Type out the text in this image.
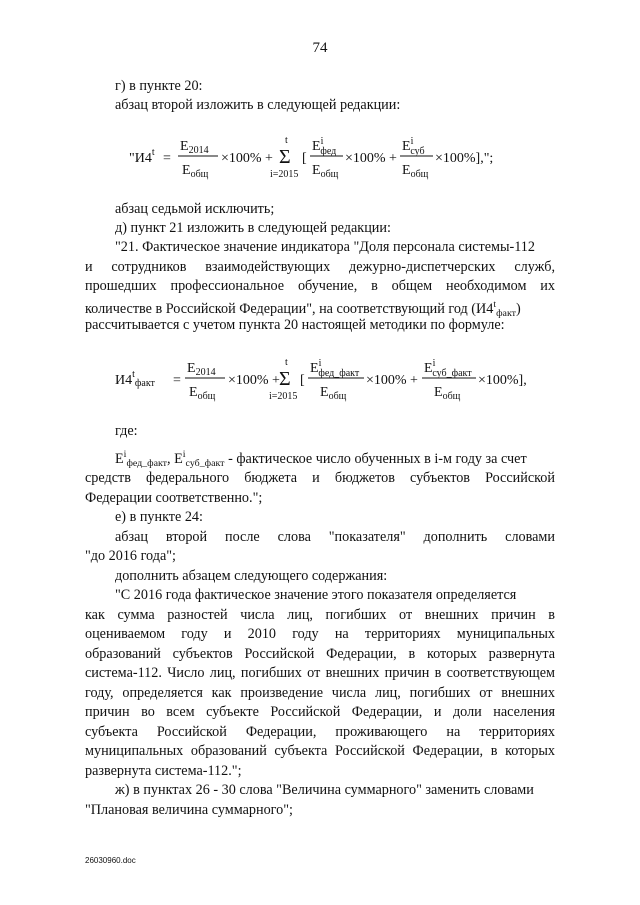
74
г) в пункте 20:
абзац второй изложить в следующей редакции:
"$И4^t$ =
$E_{2014}$
$E_{общ}$
×100% +
t
Σ
i=2015
[
$E^i$ фед
$E_{общ}$
×100% +
$E^i$ суб
$E_{общ}$
×100%],";
$И4^t_{факт}$ =
$E_{2014}$
$E_{общ}$
×100% +
t
Σ
i=2015
[
$E^i$ фед_факт
$E_{общ}$
×100% +
$E^i$ суб_факт
$E_{общ}$
×100%],
абзац седьмой исключить;
д) пункт 21 изложить в следующей редакции:
"21. Фактическое значение индикатора "Доля персонала системы-112
и сотрудников взаимодействующих дежурно-диспетчерских служб,
прошедших профессиональное обучение, в общем необходимом их
количестве в Российской Федерации", на соответствующий год $(И4^t_{факт})$
рассчитывается с учетом пункта 20 настоящей методики по формуле:
где:
$E^i_{фед\_факт}$, $E^i_{суб\_факт}$ - фактическое число обученных в i-м году за счет
средств федерального бюджета и бюджетов субъектов Российской
Федерации соответственно.";
е) в пункте 24:
абзац второй после слова "показателя" дополнить словами
"до 2016 года";
дополнить абзацем следующего содержания:
"С 2016 года фактическое значение этого показателя определяется
как сумма разностей числа лиц, погибших от внешних причин в
оцениваемом году и 2010 году на территориях муниципальных
образований субъектов Российской Федерации, в которых развернута
система-112. Число лиц, погибших от внешних причин в соответствующем
году, определяется как произведение числа лиц, погибших от внешних
причин во всем субъекте Российской Федерации, и доли населения
субъекта Российской Федерации, проживающего на территориях
муниципальных образований субъекта Российской Федерации, в которых
развернута система-112.";
ж) в пунктах 26 - 30 слова "Величина суммарного" заменить словами
"Плановая величина суммарного";
26030960.doc
